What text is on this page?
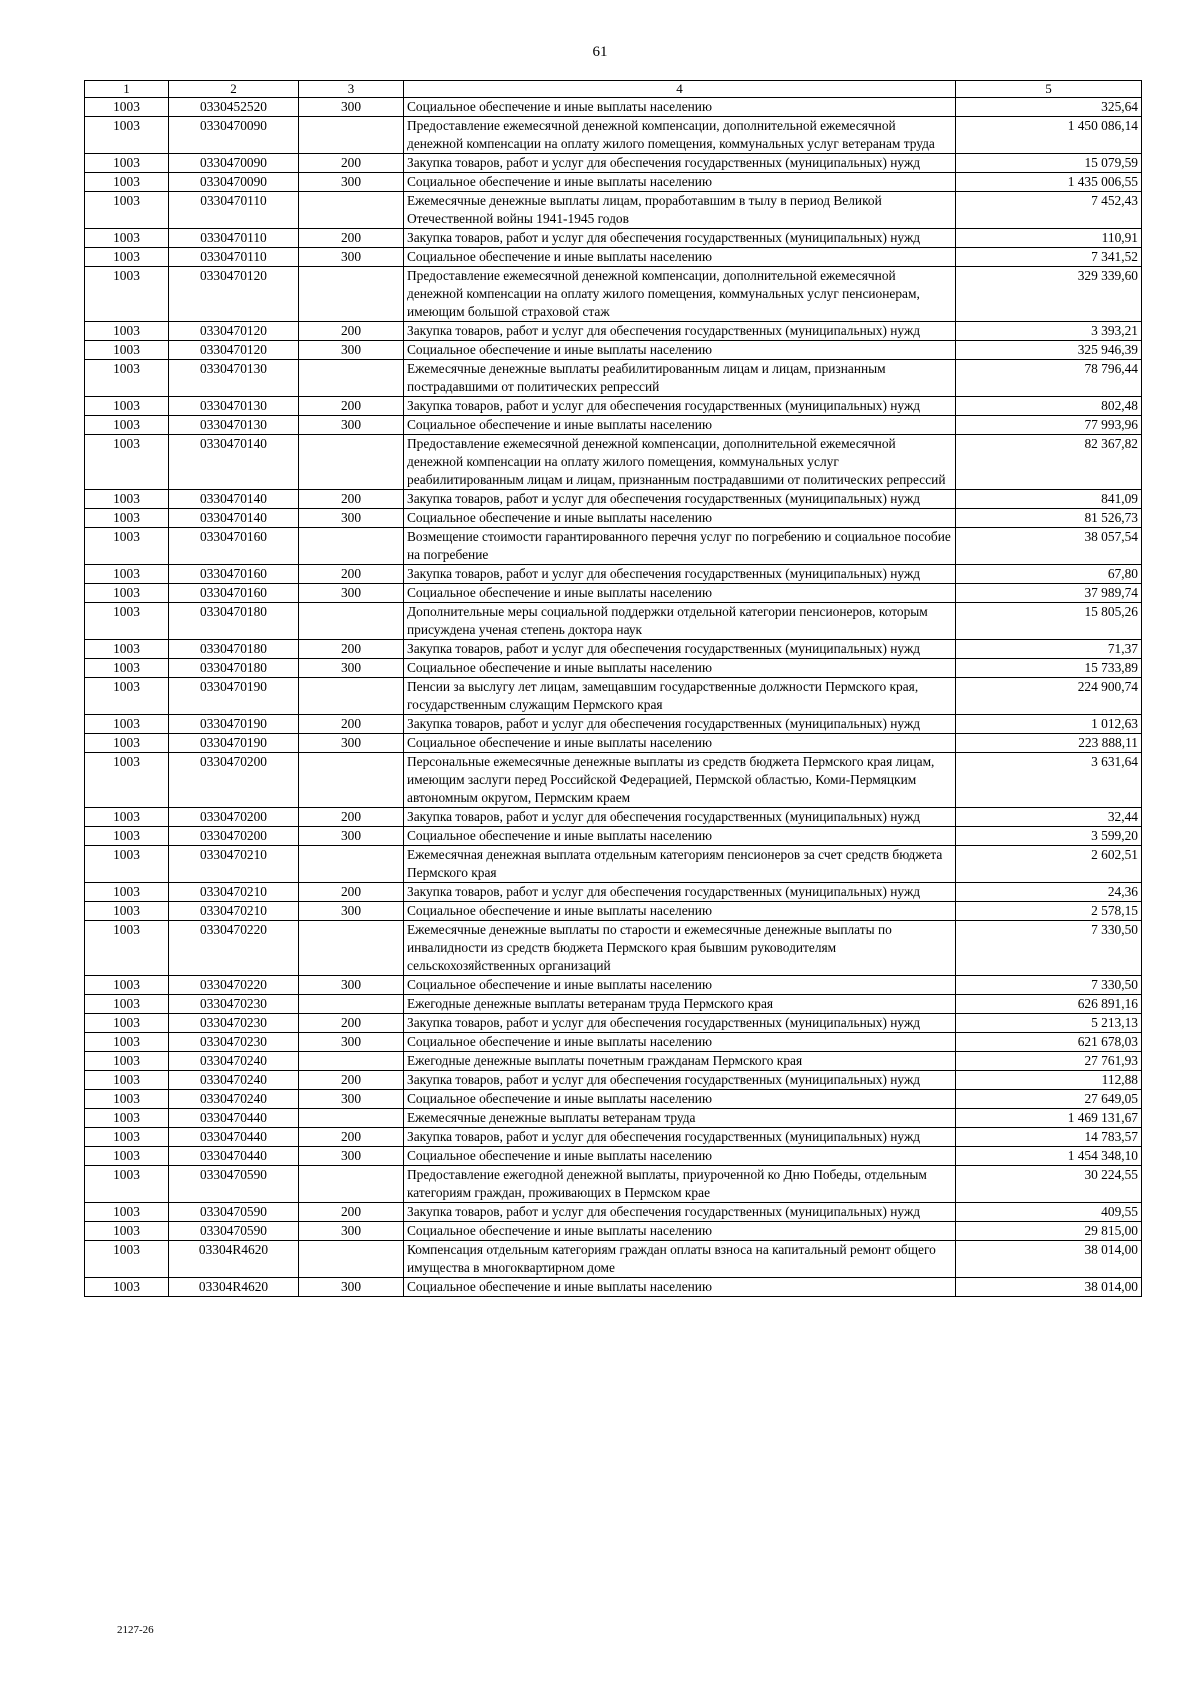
61
1	2	3	4	5
1003	0330452520	300	Социальное обеспечение и иные выплаты населению	325,64
1003	0330470090		Предоставление ежемесячной денежной компенсации, дополнительной ежемесячной денежной компенсации на оплату жилого помещения, коммунальных услуг ветеранам труда	1 450 086,14
1003	0330470090	200	Закупка товаров, работ и услуг для обеспечения государственных (муниципальных) нужд	15 079,59
1003	0330470090	300	Социальное обеспечение и иные выплаты населению	1 435 006,55
1003	0330470110		Ежемесячные денежные выплаты лицам, проработавшим в тылу в период Великой Отечественной войны 1941-1945 годов	7 452,43
1003	0330470110	200	Закупка товаров, работ и услуг для обеспечения государственных (муниципальных) нужд	110,91
1003	0330470110	300	Социальное обеспечение и иные выплаты населению	7 341,52
1003	0330470120		Предоставление ежемесячной денежной компенсации, дополнительной ежемесячной денежной компенсации на оплату жилого помещения, коммунальных услуг пенсионерам, имеющим большой страховой стаж	329 339,60
1003	0330470120	200	Закупка товаров, работ и услуг для обеспечения государственных (муниципальных) нужд	3 393,21
1003	0330470120	300	Социальное обеспечение и иные выплаты населению	325 946,39
1003	0330470130		Ежемесячные денежные выплаты реабилитированным лицам и лицам, признанным пострадавшими от политических репрессий	78 796,44
1003	0330470130	200	Закупка товаров, работ и услуг для обеспечения государственных (муниципальных) нужд	802,48
1003	0330470130	300	Социальное обеспечение и иные выплаты населению	77 993,96
1003	0330470140		Предоставление ежемесячной денежной компенсации, дополнительной ежемесячной денежной компенсации на оплату жилого помещения, коммунальных услуг реабилитированным лицам и лицам, признанным пострадавшими от политических репрессий	82 367,82
1003	0330470140	200	Закупка товаров, работ и услуг для обеспечения государственных (муниципальных) нужд	841,09
1003	0330470140	300	Социальное обеспечение и иные выплаты населению	81 526,73
1003	0330470160		Возмещение стоимости гарантированного перечня услуг по погребению и социальное пособие на погребение	38 057,54
1003	0330470160	200	Закупка товаров, работ и услуг для обеспечения государственных (муниципальных) нужд	67,80
1003	0330470160	300	Социальное обеспечение и иные выплаты населению	37 989,74
1003	0330470180		Дополнительные меры социальной поддержки отдельной категории пенсионеров, которым присуждена ученая степень доктора наук	15 805,26
1003	0330470180	200	Закупка товаров, работ и услуг для обеспечения государственных (муниципальных) нужд	71,37
1003	0330470180	300	Социальное обеспечение и иные выплаты населению	15 733,89
1003	0330470190		Пенсии за выслугу лет лицам, замещавшим государственные должности Пермского края, государственным служащим Пермского края	224 900,74
1003	0330470190	200	Закупка товаров, работ и услуг для обеспечения государственных (муниципальных) нужд	1 012,63
1003	0330470190	300	Социальное обеспечение и иные выплаты населению	223 888,11
1003	0330470200		Персональные ежемесячные денежные выплаты из средств бюджета Пермского края лицам, имеющим заслуги перед Российской Федерацией, Пермской областью, Коми-Пермяцким автономным округом, Пермским краем	3 631,64
1003	0330470200	200	Закупка товаров, работ и услуг для обеспечения государственных (муниципальных) нужд	32,44
1003	0330470200	300	Социальное обеспечение и иные выплаты населению	3 599,20
1003	0330470210		Ежемесячная денежная выплата отдельным категориям пенсионеров за счет средств бюджета Пермского края	2 602,51
1003	0330470210	200	Закупка товаров, работ и услуг для обеспечения государственных (муниципальных) нужд	24,36
1003	0330470210	300	Социальное обеспечение и иные выплаты населению	2 578,15
1003	0330470220		Ежемесячные денежные выплаты по старости и ежемесячные денежные выплаты по инвалидности из средств бюджета Пермского края бывшим руководителям сельскохозяйственных организаций	7 330,50
1003	0330470220	300	Социальное обеспечение и иные выплаты населению	7 330,50
1003	0330470230		Ежегодные денежные выплаты ветеранам труда Пермского края	626 891,16
1003	0330470230	200	Закупка товаров, работ и услуг для обеспечения государственных (муниципальных) нужд	5 213,13
1003	0330470230	300	Социальное обеспечение и иные выплаты населению	621 678,03
1003	0330470240		Ежегодные денежные выплаты почетным гражданам Пермского края	27 761,93
1003	0330470240	200	Закупка товаров, работ и услуг для обеспечения государственных (муниципальных) нужд	112,88
1003	0330470240	300	Социальное обеспечение и иные выплаты населению	27 649,05
1003	0330470440		Ежемесячные денежные выплаты ветеранам труда	1 469 131,67
1003	0330470440	200	Закупка товаров, работ и услуг для обеспечения государственных (муниципальных) нужд	14 783,57
1003	0330470440	300	Социальное обеспечение и иные выплаты населению	1 454 348,10
1003	0330470590		Предоставление ежегодной денежной выплаты, приуроченной ко Дню Победы, отдельным категориям граждан, проживающих в Пермском крае	30 224,55
1003	0330470590	200	Закупка товаров, работ и услуг для обеспечения государственных (муниципальных) нужд	409,55
1003	0330470590	300	Социальное обеспечение и иные выплаты населению	29 815,00
1003	03304R4620		Компенсация отдельным категориям граждан оплаты взноса на капитальный ремонт общего имущества в многоквартирном доме	38 014,00
1003	03304R4620	300	Социальное обеспечение и иные выплаты населению	38 014,00
2127-26
